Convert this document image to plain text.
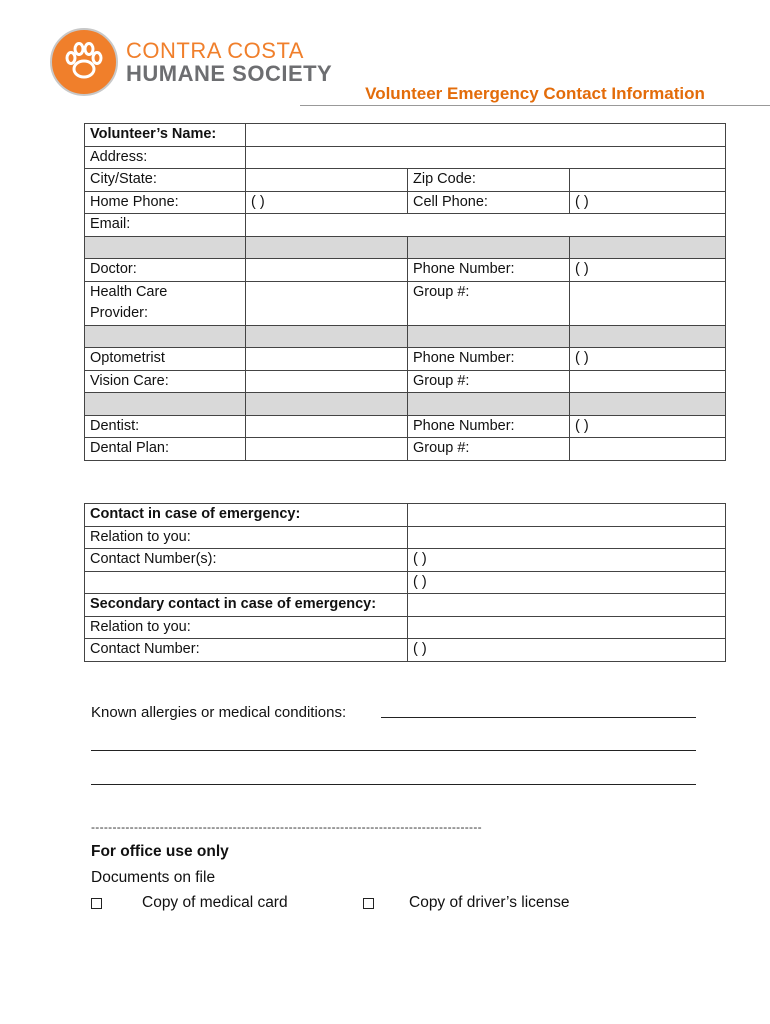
CONTRA COSTA
HUMANE SOCIETY
Volunteer Emergency Contact Information
Volunteer’s Name:			
Address:			
City/State:		Zip Code:	
Home Phone:	( )	Cell Phone:	( )
Email:			

Doctor:		Phone Number:	( )
Health Care		Group #:	
Provider:			

Optometrist		Phone Number:	( )
Vision Care:		Group #:	

Dentist:		Phone Number:	( )
Dental Plan:		Group #:	
Contact in case of emergency:	
Relation to you:	
Contact Number(s):	( )
	( )
Secondary contact in case of emergency:	
Relation to you:	
Contact Number:	( )
Known allergies or medical conditions:
-------------------------------------------------------------------------------------------
For office use only
Documents on file
Copy of medical card	Copy of driver’s license
